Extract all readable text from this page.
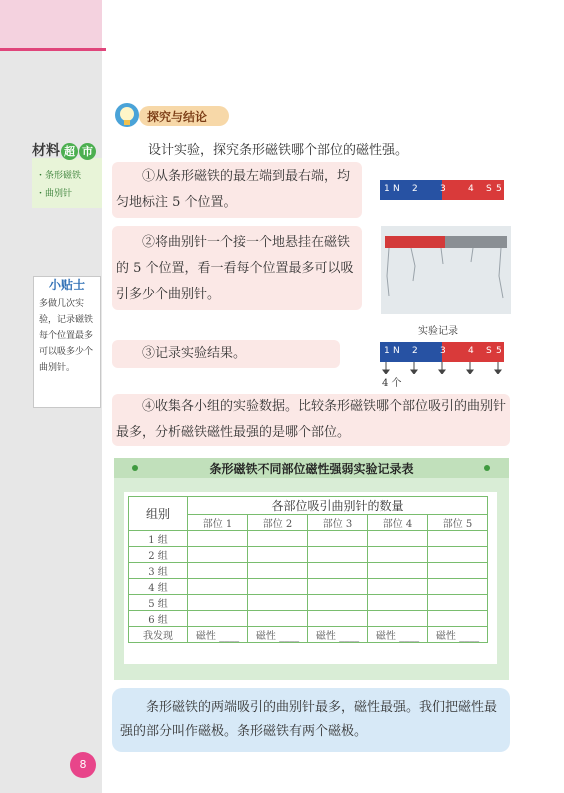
材料 超 市
・条形磁铁
・曲别针
小贴士
多做几次实验，记录磁铁每个位置最多可以吸多少个曲别针。
探究与结论
设计实验，探究条形磁铁哪个部位的磁性强。
①从条形磁铁的最左端到最右端，均匀地标注 5 个位置。
1 N 2 3 4 S 5
②将曲别针一个接一个地悬挂在磁铁的 5 个位置，看一看每个位置最多可以吸引多少个曲别针。
实验记录
③记录实验结果。	1 N 2 3 4 S 5
4 个
④收集各小组的实验数据。比较条形磁铁哪个部位吸引的曲别针最多，分析磁铁磁性最强的是哪个部位。
条形磁铁不同部位磁性强弱实验记录表
组别	各部位吸引曲别针的数量				
	部位 1	部位 2	部位 3	部位 4	部位 5
1 组					
2 组					
3 组					
4 组					
5 组					
6 组					
我发现	磁性 ____	磁性 ____	磁性 ____	磁性 ____	磁性 ____
条形磁铁的两端吸引的曲别针最多，磁性最强。我们把磁性最强的部分叫作磁极。条形磁铁有两个磁极。
8
